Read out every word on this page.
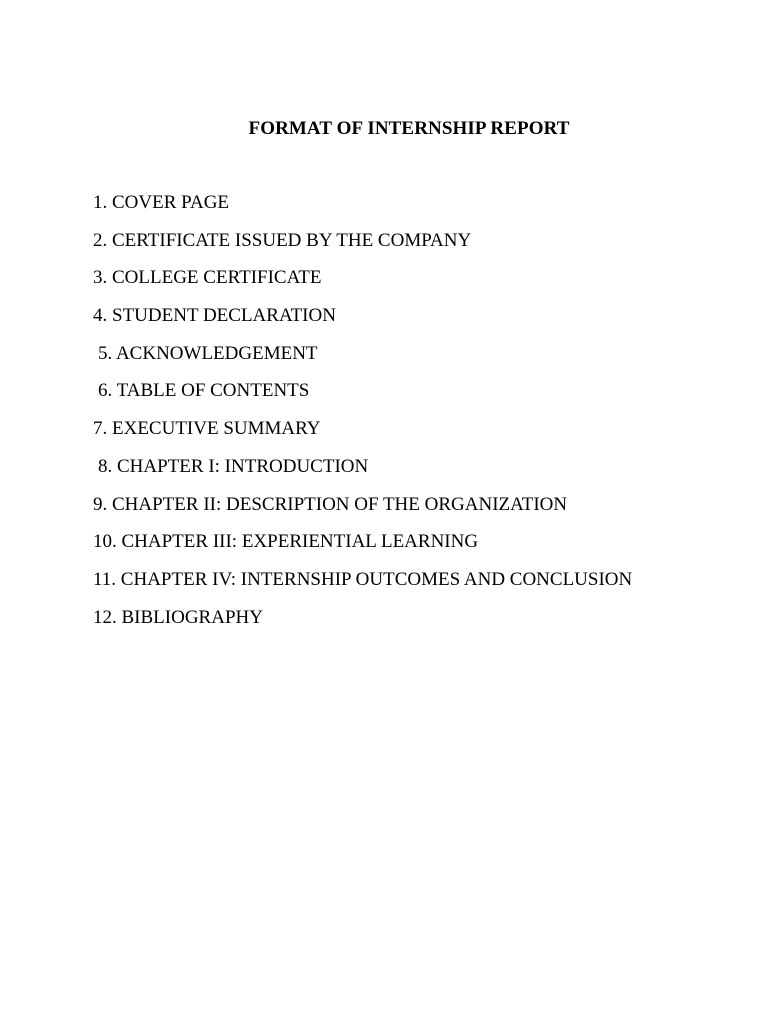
FORMAT OF INTERNSHIP REPORT
1. COVER PAGE
2. CERTIFICATE ISSUED BY THE COMPANY
3. COLLEGE CERTIFICATE
4. STUDENT DECLARATION
5. ACKNOWLEDGEMENT
6. TABLE OF CONTENTS
7. EXECUTIVE SUMMARY
8. CHAPTER I: INTRODUCTION
9. CHAPTER II: DESCRIPTION OF THE ORGANIZATION
10. CHAPTER III: EXPERIENTIAL LEARNING
11. CHAPTER IV: INTERNSHIP OUTCOMES AND CONCLUSION
12. BIBLIOGRAPHY
